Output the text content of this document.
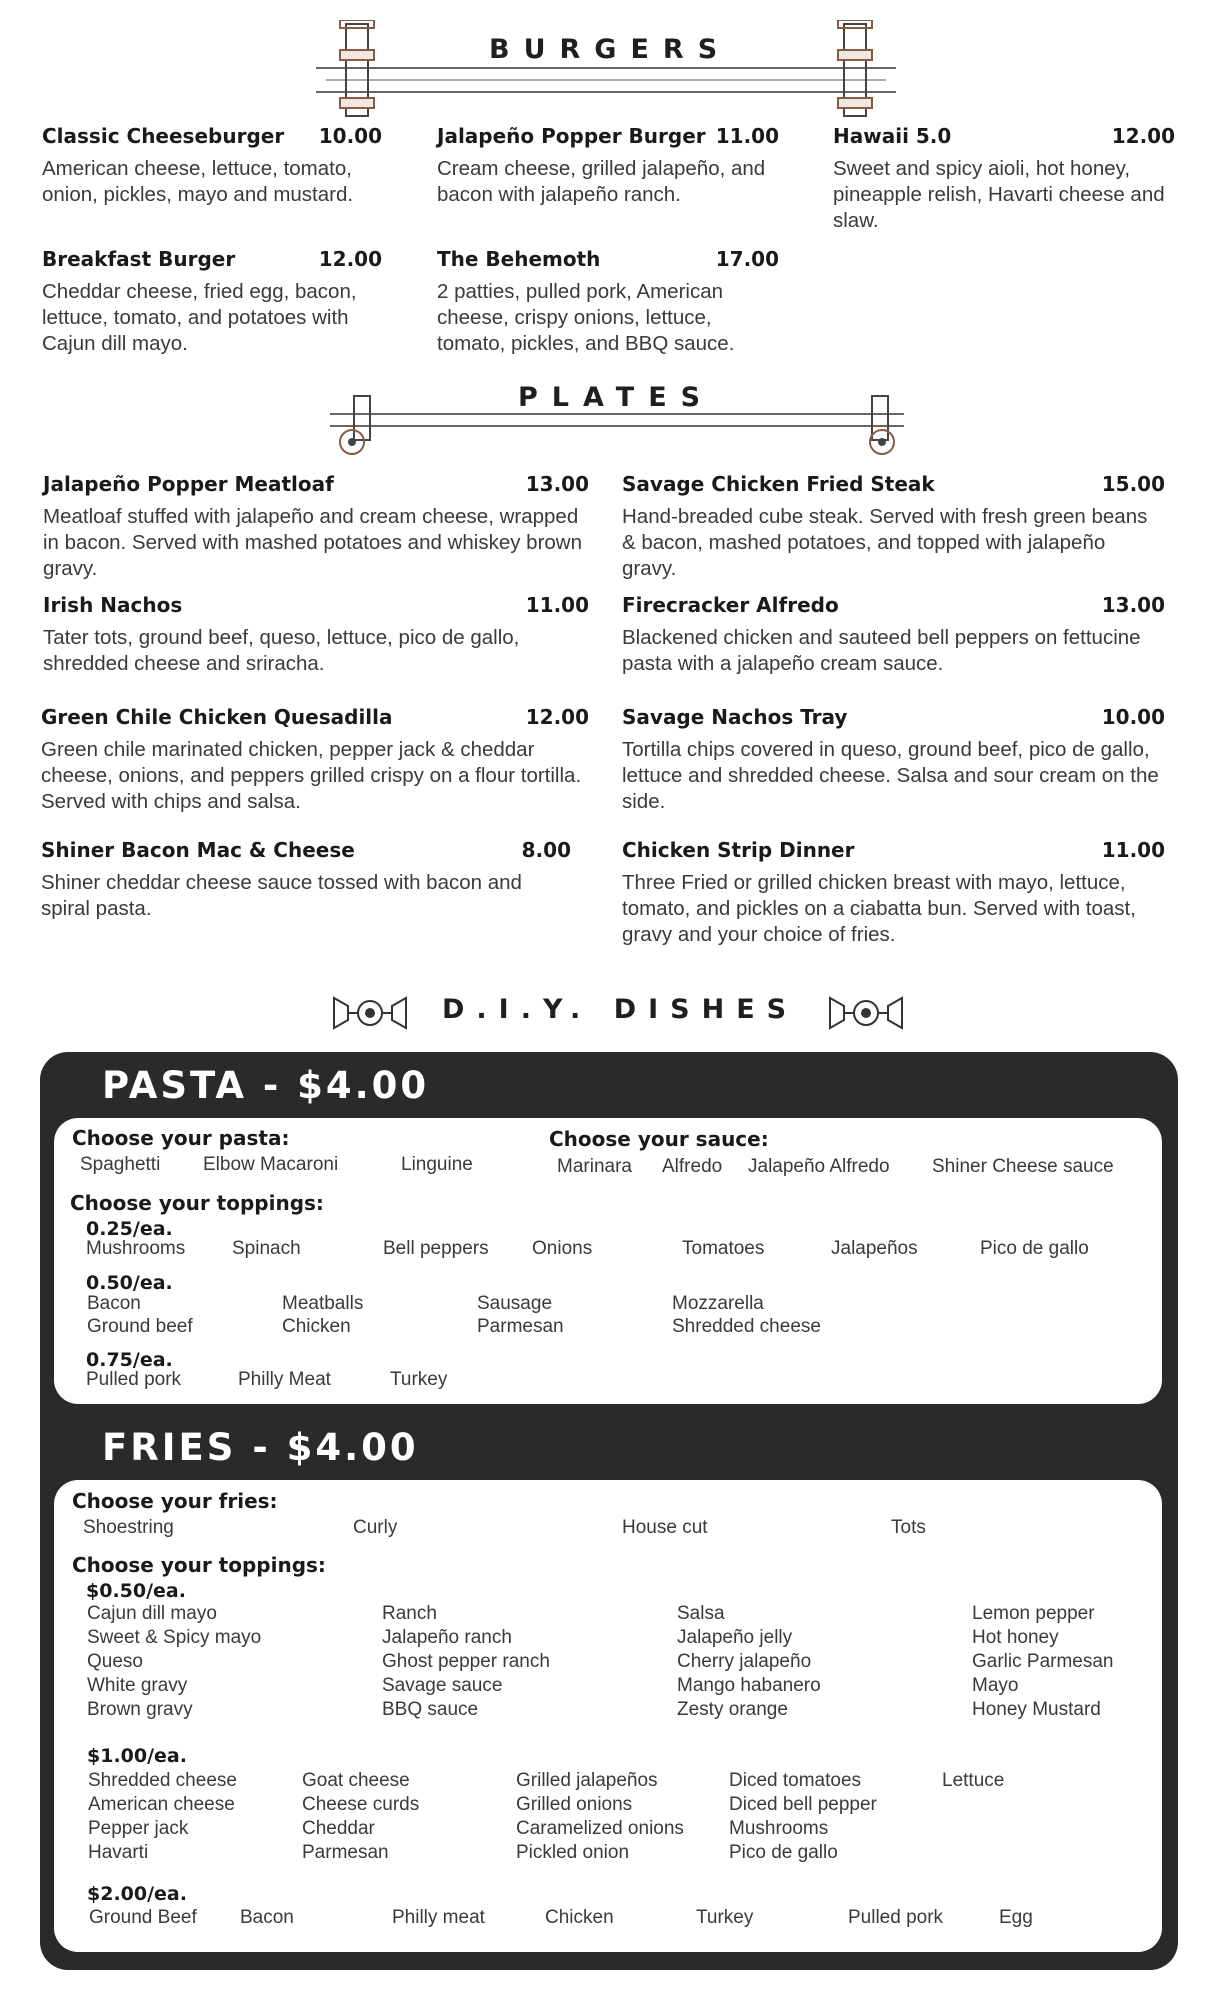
BURGERS
Classic Cheeseburger 10.00
American cheese, lettuce, tomato, onion, pickles, mayo and mustard.
Breakfast Burger	12.00
Cheddar cheese, fried egg, bacon, lettuce, tomato, and potatoes with Cajun dill mayo.
Jalapeño Popper Burger 11.00
Cream cheese, grilled jalapeño, and bacon with jalapeño ranch.
The Behemoth	17.00
2 patties, pulled pork, American cheese, crispy onions, lettuce, tomato, pickles, and BBQ sauce.
Hawaii 5.0	12.00
Sweet and spicy aioli, hot honey, pineapple relish, Havarti cheese and slaw.
PLATES
Jalapeño Popper Meatloaf	13.00
Meatloaf stuffed with jalapeño and cream cheese, wrapped in bacon. Served with mashed potatoes and whiskey brown gravy.
Irish Nachos	11.00
Tater tots, ground beef, queso, lettuce, pico de gallo, shredded cheese and sriracha.
Green Chile Chicken Quesadilla	12.00
Green chile marinated chicken, pepper jack & cheddar cheese, onions, and peppers grilled crispy on a flour tortilla. Served with chips and salsa.
Shiner Bacon Mac & Cheese	8.00
Shiner cheddar cheese sauce tossed with bacon and spiral pasta.
Savage Chicken Fried Steak	15.00
Hand-breaded cube steak. Served with fresh green beans & bacon, mashed potatoes, and topped with jalapeño gravy.
Firecracker Alfredo	13.00
Blackened chicken and sauteed bell peppers on fettucine pasta with a jalapeño cream sauce.
Savage Nachos Tray	10.00
Tortilla chips covered in queso, ground beef, pico de gallo, lettuce and shredded cheese. Salsa and sour cream on the side.
Chicken Strip Dinner	11.00
Three Fried or grilled chicken breast with mayo, lettuce, tomato, and pickles on a ciabatta bun. Served with toast, gravy and your choice of fries.
D.I.Y. DISHES
PASTA - $4.00
Choose your pasta:
Spaghetti Elbow Macaroni	Linguine
Choose your sauce:
Marinara Alfredo Jalapeño Alfredo Shiner Cheese sauce
Choose your toppings:
0.25/ea.
Mushrooms Spinach	Bell peppers Onions	Tomatoes	Jalapeños	Pico de gallo
0.50/ea.
Bacon	Meatballs	Sausage	Mozzarella
Ground beef	Chicken	Parmesan	Shredded cheese
0.75/ea.
Pulled pork	Philly Meat	Turkey
FRIES - $4.00
Choose your fries:
Shoestring	Curly	House cut	Tots
Choose your toppings:
$0.50/ea.
Cajun dill mayo
Sweet & Spicy mayo
Queso
White gravy
Brown gravy
Ranch
Jalapeño ranch
Ghost pepper ranch
Savage sauce
BBQ sauce
Salsa
Jalapeño jelly
Cherry jalapeño
Mango habanero
Zesty orange
Lemon pepper
Hot honey
Garlic Parmesan
Mayo
Honey Mustard
$1.00/ea.
Shredded cheese
American cheese
Pepper jack
Havarti
Goat cheese
Cheese curds
Cheddar
Parmesan
Grilled jalapeños
Grilled onions
Caramelized onions
Pickled onion
Diced tomatoes
Diced bell pepper
Mushrooms
Pico de gallo
Lettuce
$2.00/ea.
Ground Beef Bacon	Philly meat	Chicken	Turkey	Pulled pork	Egg
